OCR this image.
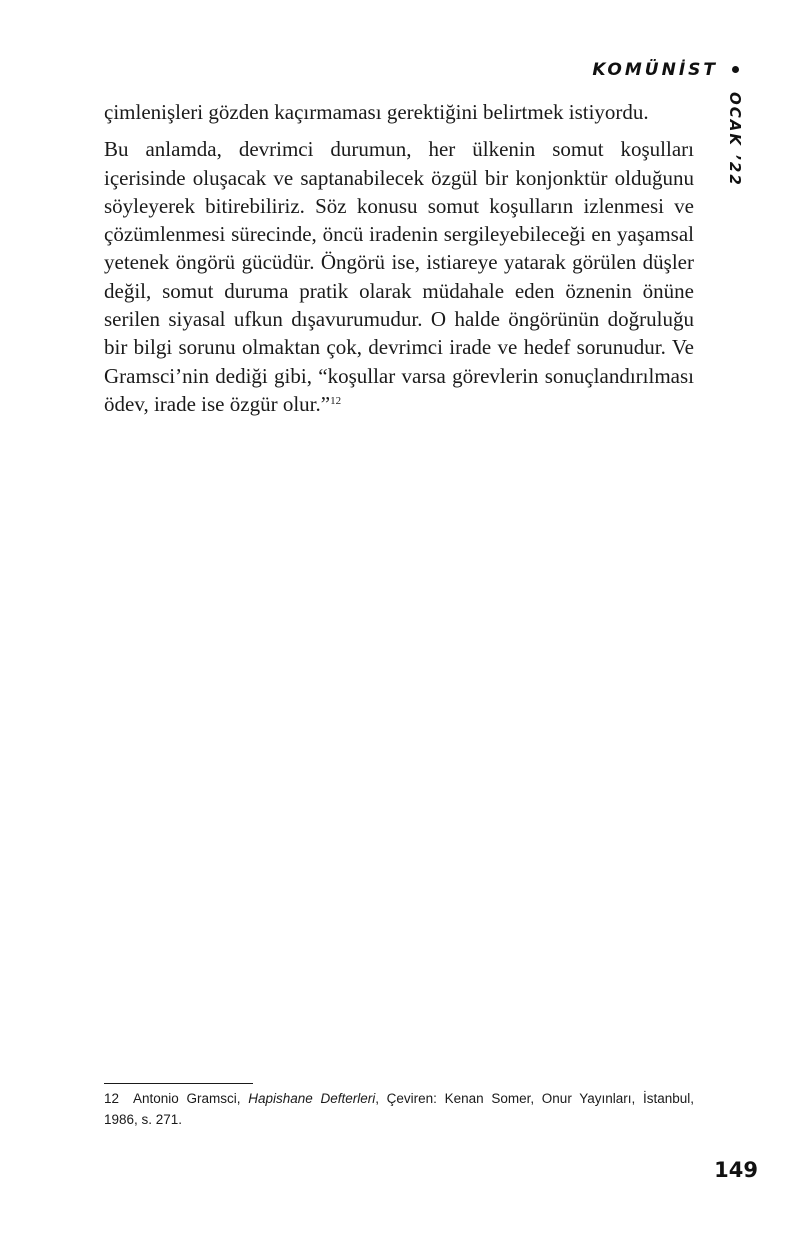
KOMÜNİST
OCAK ’22

çimlenişleri gözden kaçırmaması gerektiğini belirtmek istiyordu.

Bu anlamda, devrimci durumun, her ülkenin somut koşulları içerisinde oluşacak ve saptanabilecek özgül bir konjonktür olduğunu söyleyerek bitirebiliriz. Söz konusu somut koşulların izlenmesi ve çözümlenmesi sürecinde, öncü iradenin sergileyebileceği en yaşamsal yetenek öngörü gücüdür. Öngörü ise, istiareye yatarak görülen düşler değil, somut duruma pratik olarak müdahale eden öznenin önüne serilen siyasal ufkun dışavurumudur. O halde öngörünün doğruluğu bir bilgi sorunu olmaktan çok, devrimci irade ve hedef sorunudur. Ve Gramsci’nin dediği gibi, “koşullar varsa görevlerin sonuçlandırılması ödev, irade ise özgür olur.”$^{12}$

12 Antonio Gramsci, Hapishane Defterleri, Çeviren: Kenan Somer, Onur Yayınları, İstanbul, 1986, s. 271.
149
